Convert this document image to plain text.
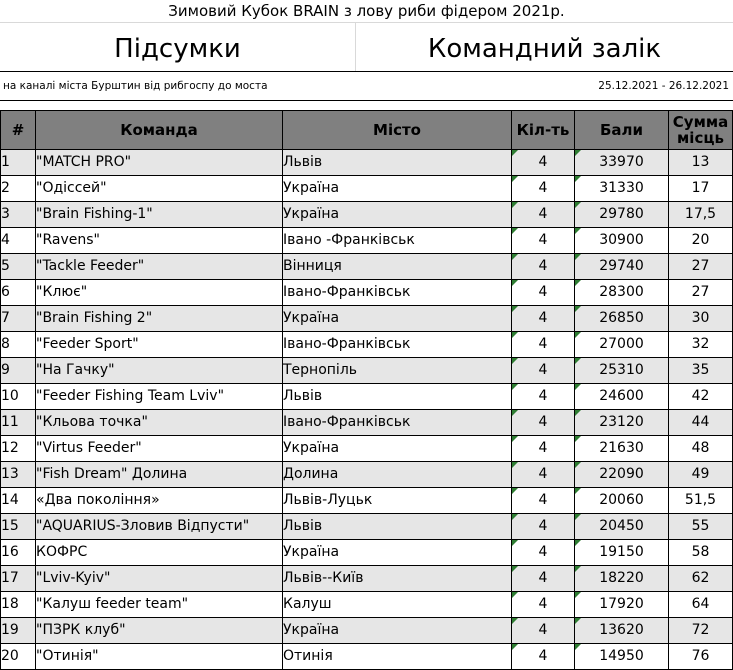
Зимовий Кубок BRAIN з лову риби фідером 2021р.
Підсумки	Командний залік
на каналі міста Бурштин від рибгоспу до моста	25.12.2021 - 26.12.2021
#	Команда	Місто	Кіл-ть	Бали	Сумма
місць
1	"MATCH PRO"	Львів	4	33970	13
2	"Одіссей"	Україна	4	31330	17
3	"Brain Fishing-1"	Україна	4	29780	17,5
4	"Ravens"	Івано -Франківськ	4	30900	20
5	"Tackle Feeder"	Вінниця	4	29740	27
6	"Клює"	Івано-Франківськ	4	28300	27
7	"Brain Fishing 2"	Україна	4	26850	30
8	"Feeder Sport"	Івано-Франківськ	4	27000	32
9	"На Гачку"	Тернопіль	4	25310	35
10	"Feeder Fishing Team Lviv"	Львів	4	24600	42
11	"Кльова точка"	Івано-Франківськ	4	23120	44
12	"Virtus Feeder"	Україна	4	21630	48
13	"Fish Dream" Долина	Долина	4	22090	49
14	«Два покоління»	Львів-Луцьк	4	20060	51,5
15	"AQUARIUS-Зловив Відпусти"	Львів	4	20450	55
16	КОФРС	Україна	4	19150	58
17	"Lviv-Kyiv"	Львів--Київ	4	18220	62
18	"Калуш feeder team"	Калуш	4	17920	64
19	"ПЗРК клуб"	Україна	4	13620	72
20	"Отинія"	Отинія	4	14950	76
